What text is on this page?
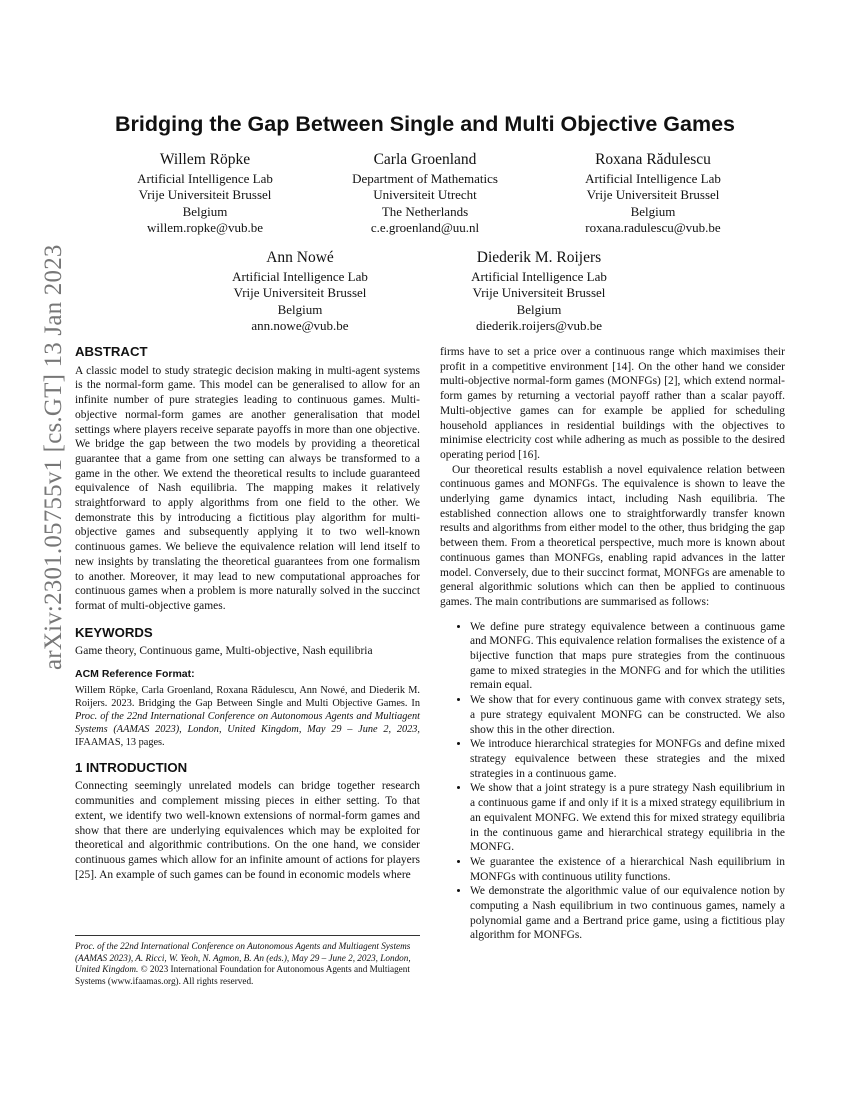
arXiv:2301.05755v1 [cs.GT] 13 Jan 2023
Bridging the Gap Between Single and Multi Objective Games
Willem Röpke
Artificial Intelligence Lab
Vrije Universiteit Brussel
Belgium
willem.ropke@vub.be
Carla Groenland
Department of Mathematics
Universiteit Utrecht
The Netherlands
c.e.groenland@uu.nl
Roxana Rădulescu
Artificial Intelligence Lab
Vrije Universiteit Brussel
Belgium
roxana.radulescu@vub.be
Ann Nowé
Artificial Intelligence Lab
Vrije Universiteit Brussel
Belgium
ann.nowe@vub.be
Diederik M. Roijers
Artificial Intelligence Lab
Vrije Universiteit Brussel
Belgium
diederik.roijers@vub.be
ABSTRACT

A classic model to study strategic decision making in multi-agent systems is the normal-form game. This model can be generalised to allow for an infinite number of pure strategies leading to continuous games. Multi-objective normal-form games are another generalisation that model settings where players receive separate payoffs in more than one objective. We bridge the gap between the two models by providing a theoretical guarantee that a game from one setting can always be transformed to a game in the other. We extend the theoretical results to include guaranteed equivalence of Nash equilibria. The mapping makes it relatively straightforward to apply algorithms from one field to the other. We demonstrate this by introducing a fictitious play algorithm for multi-objective games and subsequently applying it to two well-known continuous games. We believe the equivalence relation will lend itself to new insights by translating the theoretical guarantees from one formalism to another. Moreover, it may lead to new computational approaches for continuous games when a problem is more naturally solved in the succinct format of multi-objective games.

KEYWORDS

Game theory, Continuous game, Multi-objective, Nash equilibria

ACM Reference Format:

Willem Röpke, Carla Groenland, Roxana Rădulescu, Ann Nowé, and Diederik M. Roijers. 2023. Bridging the Gap Between Single and Multi Objective Games. In Proc. of the 22nd International Conference on Autonomous Agents and Multiagent Systems (AAMAS 2023), London, United Kingdom, May 29 – June 2, 2023, IFAAMAS, 13 pages.

1 INTRODUCTION

Connecting seemingly unrelated models can bridge together research communities and complement missing pieces in either setting. To that extent, we identify two well-known extensions of normal-form games and show that there are underlying equivalences which may be exploited for theoretical and algorithmic contributions. On the one hand, we consider continuous games which allow for an infinite amount of actions for players [25]. An example of such games can be found in economic models where

firms have to set a price over a continuous range which maximises their profit in a competitive environment [14]. On the other hand we consider multi-objective normal-form games (MONFGs) [2], which extend normal-form games by returning a vectorial payoff rather than a scalar payoff. Multi-objective games can for example be applied for scheduling household appliances in residential buildings with the objectives to minimise electricity cost while adhering as much as possible to the desired operating period [16].

Our theoretical results establish a novel equivalence relation between continuous games and MONFGs. The equivalence is shown to leave the underlying game dynamics intact, including Nash equilibria. The established connection allows one to straightforwardly transfer known results and algorithms from either model to the other, thus bridging the gap between them. From a theoretical perspective, much more is known about continuous games than MONFGs, enabling rapid advances in the latter model. Conversely, due to their succinct format, MONFGs are amenable to general algorithmic solutions which can then be applied to continuous games. The main contributions are summarised as follows:

• We define pure strategy equivalence between a continuous game and MONFG. This equivalence relation formalises the existence of a bijective function that maps pure strategies from the continuous game to mixed strategies in the MONFG and for which the utilities remain equal.
• We show that for every continuous game with convex strategy sets, a pure strategy equivalent MONFG can be constructed. We also show this in the other direction.
• We introduce hierarchical strategies for MONFGs and define mixed strategy equivalence between these strategies and the mixed strategies in a continuous game.
• We show that a joint strategy is a pure strategy Nash equilibrium in a continuous game if and only if it is a mixed strategy equilibrium in an equivalent MONFG. We extend this for mixed strategy equilibria in the continuous game and hierarchical strategy equilibria in the MONFG.
• We guarantee the existence of a hierarchical Nash equilibrium in MONFGs with continuous utility functions.
• We demonstrate the algorithmic value of our equivalence notion by computing a Nash equilibrium in two continuous games, namely a polynomial game and a Bertrand price game, using a fictitious play algorithm for MONFGs.
Proc. of the 22nd International Conference on Autonomous Agents and Multiagent Systems (AAMAS 2023), A. Ricci, W. Yeoh, N. Agmon, B. An (eds.), May 29 – June 2, 2023, London, United Kingdom. © 2023 International Foundation for Autonomous Agents and Multiagent Systems (www.ifaamas.org). All rights reserved.
